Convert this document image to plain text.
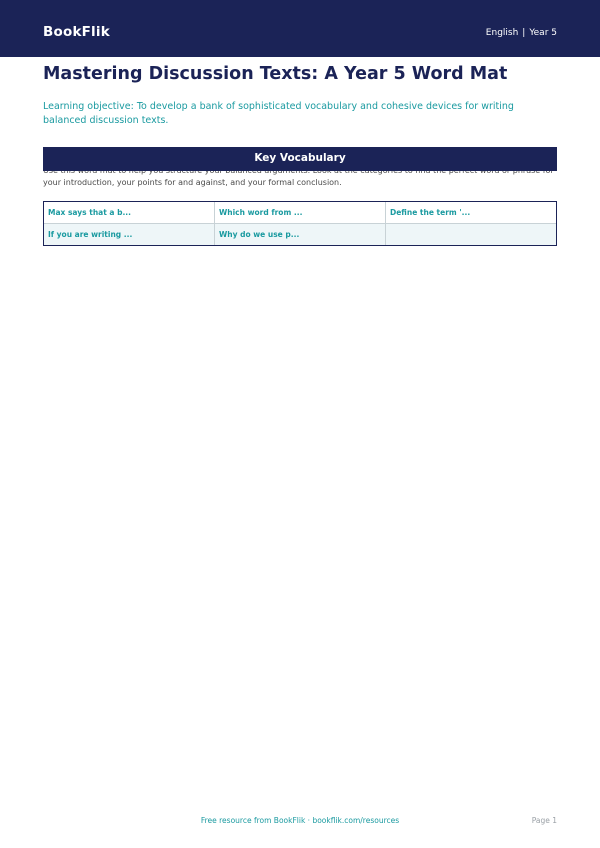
BookFlik	English | Year 5
Mastering Discussion Texts: A Year 5 Word Mat

Learning objective: To develop a bank of sophisticated vocabulary and cohesive devices for writing balanced discussion texts.

Key Vocabulary
your introduction, your points for and against, and your formal conclusion.
Max says that a b...	Which word from ...	Define the term '...
If you are writing ...	Why do we use p...
Free resource from BookFlik · bookflik.com/resources	Page 1
